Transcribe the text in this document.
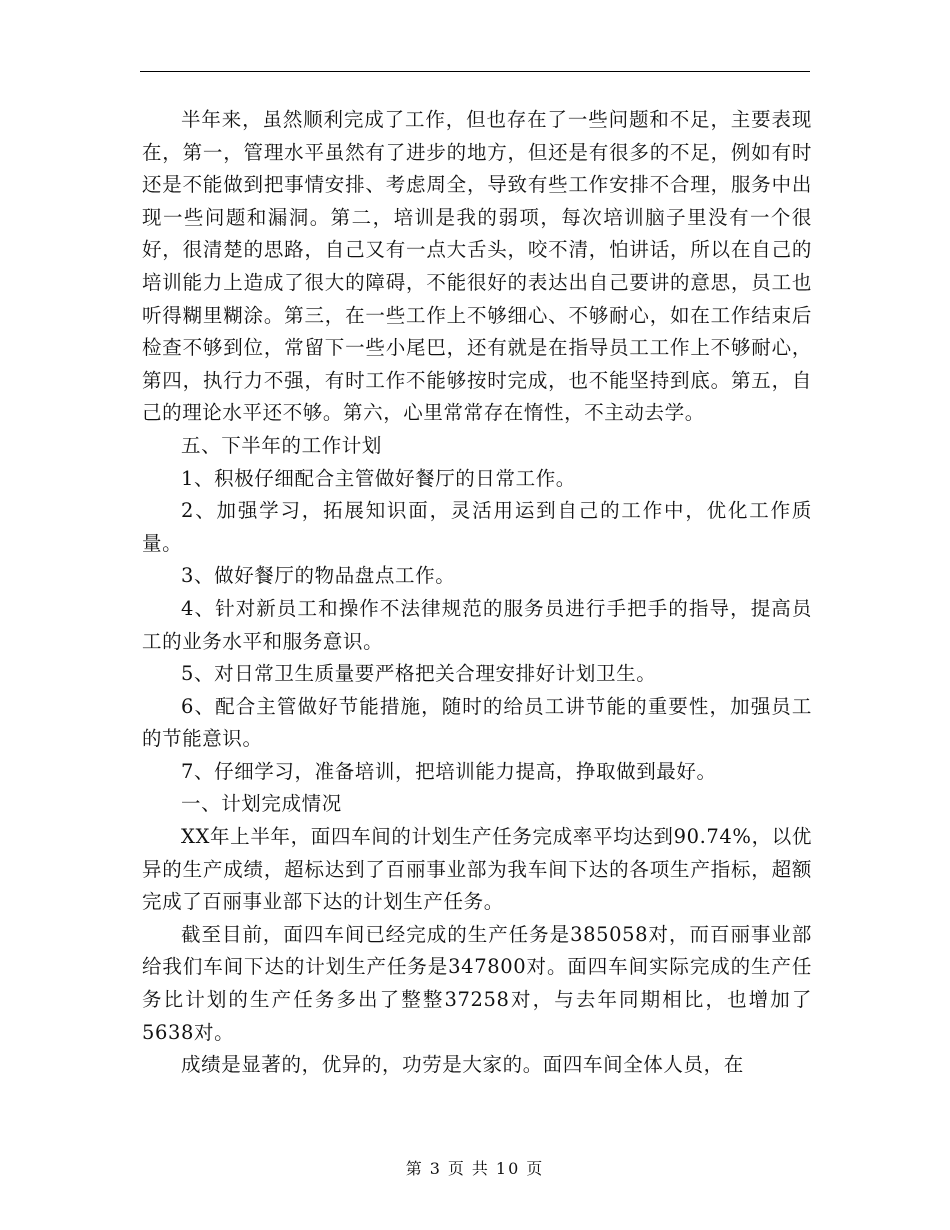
半年来，虽然顺利完成了工作，但也存在了一些问题和不足，主要表现在，第一，管理水平虽然有了进步的地方，但还是有很多的不足，例如有时还是不能做到把事情安排、考虑周全，导致有些工作安排不合理，服务中出现一些问题和漏洞。第二，培训是我的弱项，每次培训脑子里没有一个很好，很清楚的思路，自己又有一点大舌头，咬不清，怕讲话，所以在自己的培训能力上造成了很大的障碍，不能很好的表达出自己要讲的意思，员工也听得糊里糊涂。第三，在一些工作上不够细心、不够耐心，如在工作结束后检查不够到位，常留下一些小尾巴，还有就是在指导员工工作上不够耐心，第四，执行力不强，有时工作不能够按时完成，也不能坚持到底。第五，自己的理论水平还不够。第六，心里常常存在惰性，不主动去学。

五、下半年的工作计划

1、积极仔细配合主管做好餐厅的日常工作。

2、加强学习，拓展知识面，灵活用运到自己的工作中，优化工作质量。

3、做好餐厅的物品盘点工作。

4、针对新员工和操作不法律规范的服务员进行手把手的指导，提高员工的业务水平和服务意识。

5、对日常卫生质量要严格把关合理安排好计划卫生。

6、配合主管做好节能措施，随时的给员工讲节能的重要性，加强员工的节能意识。

7、仔细学习，准备培训，把培训能力提高，挣取做到最好。

一、计划完成情况

XX年上半年，面四车间的计划生产任务完成率平均达到90.74%，以优异的生产成绩，超标达到了百丽事业部为我车间下达的各项生产指标，超额完成了百丽事业部下达的计划生产任务。

截至目前，面四车间已经完成的生产任务是385058对，而百丽事业部给我们车间下达的计划生产任务是347800对。面四车间实际完成的生产任务比计划的生产任务多出了整整37258对，与去年同期相比，也增加了5638对。

成绩是显著的，优异的，功劳是大家的。面四车间全体人员，在

第 3 页 共 10 页
